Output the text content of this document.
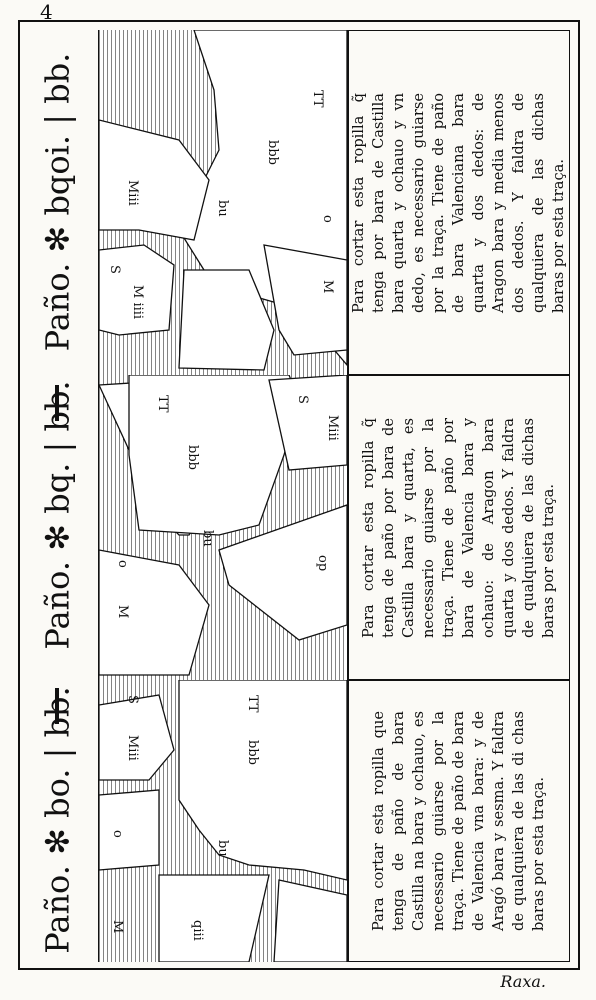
4
Paño. ✻ bqoi. | bb.
Paño. ✻ bq. | bb.
Paño. ✻ bo. | bb.
bbb
bu
TT
Miii
M
o
S
M iiii
bbb
bu
TT
Miii
op
M
o
S
bbb
bu
TT
Miii
qiii
M
o
S
Para cortar esta ropilla q̃ tenga por bara de Castilla bara quarta y ochauo y vn dedo, es necessario guiarse por la traça. Tiene de paño de bara Valenciana bara quarta y dos dedos: de Aragon bara y media menos dos dedos. Y faldra de qualquiera de las dichas baras por esta traça.
Para cortar esta ropilla q̃ tenga de paño por bara de Castilla bara y quarta, es necessario guiarse por la traça. Tiene de paño por bara de Valencia bara y ochauo: de Aragon bara quarta y dos dedos. Y faldra de qualquiera de las dichas baras por esta traça.
Para cortar esta ropilla que tenga de paño de bara Castilla na bara y ochauo, es necessario guiarse por la traça. Tiene de paño de bara de Valencia vna bara: y de Aragó bara y sesma. Y faldra de qualquiera de las di chas baras por esta traça.
Raxa.
